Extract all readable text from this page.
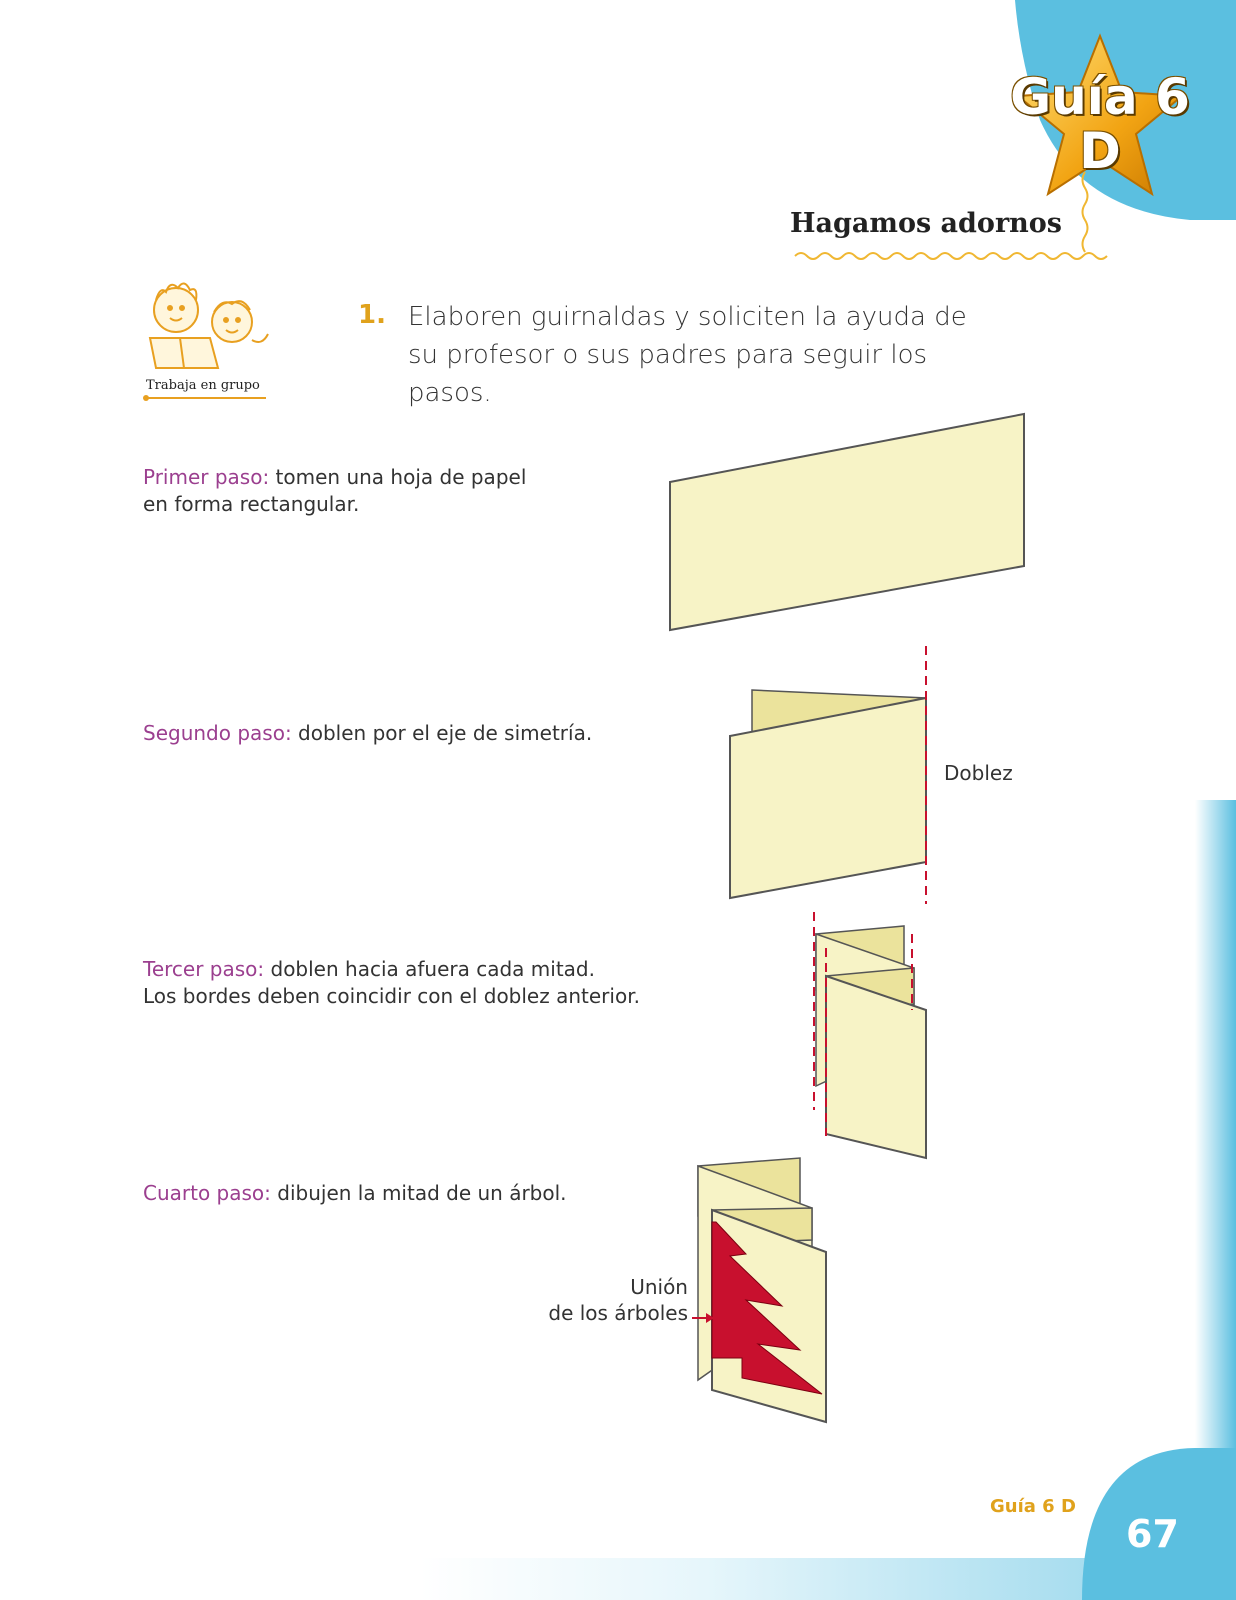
Guía 6
D
Hagamos adornos
Trabaja en grupo
1. Elaboren guirnaldas y soliciten la ayuda de su profesor o sus padres para seguir los pasos.
Primer paso: tomen una hoja de papel
en forma rectangular.
Segundo paso: doblen por el eje de simetría.
Tercer paso: doblen hacia afuera cada mitad.
Los bordes deben coincidir con el doblez anterior.
Cuarto paso: dibujen la mitad de un árbol.
Doblez
Unión
de los árboles
Guía 6 D
67
